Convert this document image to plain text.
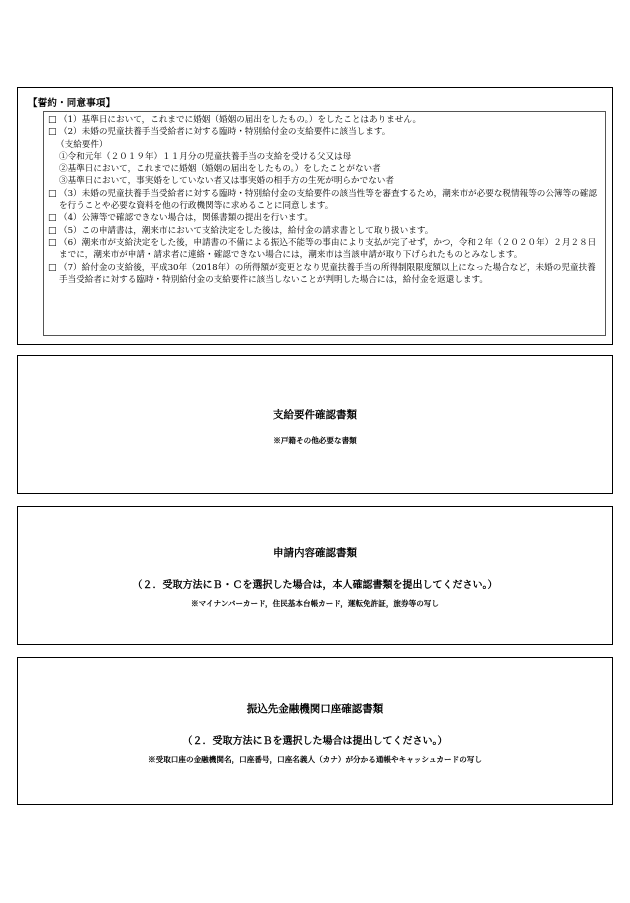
【誓約・同意事項】
□ （1）基準日において，これまでに婚姻（婚姻の届出をしたもの。）をしたことはありません。
□ （2）未婚の児童扶養手当受給者に対する臨時・特別給付金の支給要件に該当します。
（支給要件）
①令和元年（２０１９年）１１月分の児童扶養手当の支給を受ける父又は母
②基準日において，これまでに婚姻（婚姻の届出をしたもの。）をしたことがない者
③基準日において，事実婚をしていない者又は事実婚の相手方の生死が明らかでない者
□ （3）未婚の児童扶養手当受給者に対する臨時・特別給付金の支給要件の該当性等を審査するため，潮来市が必要な税情報等の公簿等の確認を行うことや必要な資料を他の行政機関等に求めることに同意します。
□ （4）公簿等で確認できない場合は，関係書類の提出を行います。
□ （5）この申請書は，潮来市において支給決定をした後は，給付金の請求書として取り扱います。
□ （6）潮来市が支給決定をした後，申請書の不備による振込不能等の事由により支払が完了せず，かつ，令和２年（２０２０年）２月２８日までに，潮来市が申請・請求者に連絡・確認できない場合には，潮来市は当該申請が取り下げられたものとみなします。
□ （7）給付金の支給後，平成30年（2018年）の所得額が変更となり児童扶養手当の所得制限限度額以上になった場合など，未婚の児童扶養手当受給者に対する臨時・特別給付金の支給要件に該当しないことが判明した場合には，給付金を返還します。
支給要件確認書類
※戸籍その他必要な書類
申請内容確認書類
（２．受取方法にＢ・Ｃを選択した場合は，本人確認書類を提出してください。）
※マイナンバーカード，住民基本台帳カード，運転免許証，旅券等の写し
振込先金融機関口座確認書類
（２．受取方法にＢを選択した場合は提出してください。）
※受取口座の金融機関名，口座番号，口座名義人（カナ）が分かる通帳やキャッシュカードの写し
